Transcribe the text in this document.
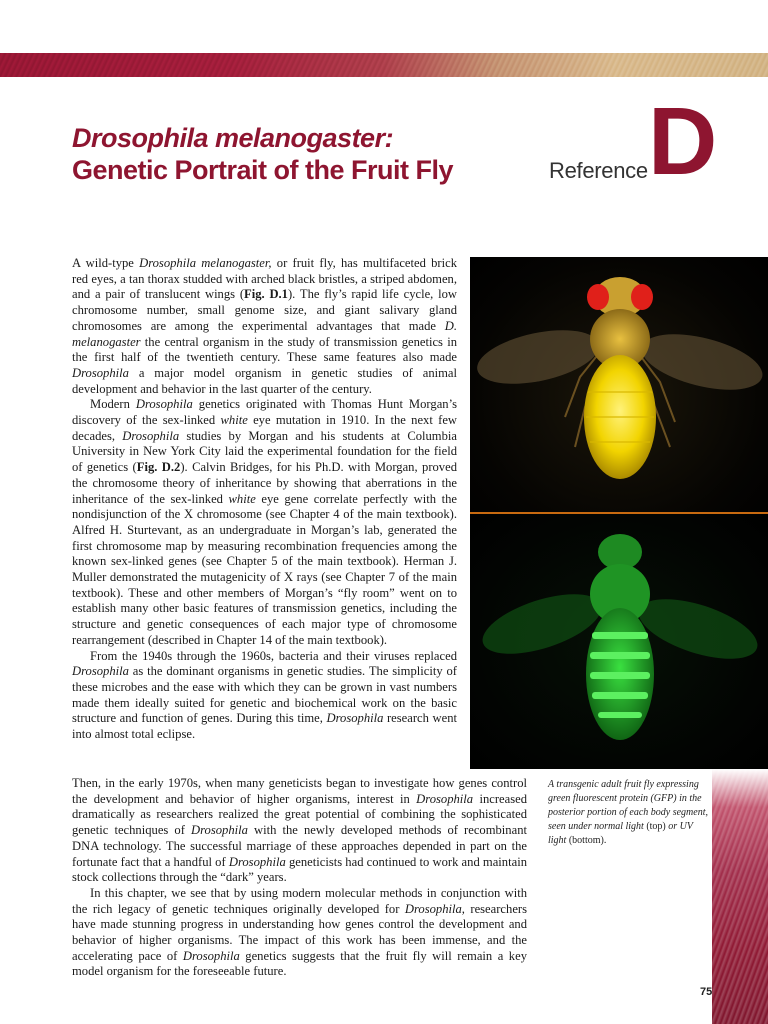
Drosophila melanogaster:
Genetic Portrait of the Fruit Fly	Reference D

A wild-type Drosophila melanogaster, or fruit fly, has multifaceted brick red eyes, a tan thorax studded with arched black bristles, a striped abdomen, and a pair of translucent wings (Fig. D.1). The fly’s rapid life cycle, low chromosome number, small genome size, and giant salivary gland chromosomes are among the experimental advantages that made D. melanogaster the central organism in the study of transmission genetics in the first half of the twentieth century. These same features also made Drosophila a major model organism in genetic studies of animal development and behavior in the last quarter of the century.

Modern Drosophila genetics originated with Thomas Hunt Morgan’s discovery of the sex-linked white eye mutation in 1910. In the next few decades, Drosophila studies by Morgan and his students at Columbia University in New York City laid the experimental foundation for the field of genetics (Fig. D.2). Calvin Bridges, for his Ph.D. with Morgan, proved the chromosome theory of inheritance by showing that aberrations in the inheritance of the sex-linked white eye gene correlate perfectly with the nondisjunction of the X chromosome (see Chapter 4 of the main textbook). Alfred H. Sturtevant, as an undergraduate in Morgan’s lab, generated the first chromosome map by measuring recombination frequencies among the known sex-linked genes (see Chapter 5 of the main textbook). Herman J. Muller demonstrated the mutagenicity of X rays (see Chapter 7 of the main textbook). These and other members of Morgan’s “fly room” went on to establish many other basic features of transmission genetics, including the structure and genetic consequences of each major type of chromosome rearrangement (described in Chapter 14 of the main textbook).

From the 1940s through the 1960s, bacteria and their viruses replaced Drosophila as the dominant organisms in genetic studies. The simplicity of these microbes and the ease with which they can be grown in vast numbers made them ideally suited for genetic and biochemical work on the basic structure and function of genes. During this time, Drosophila research went into almost total eclipse.

Then, in the early 1970s, when many geneticists began to investigate how genes control the development and behavior of higher organisms, interest in Drosophila increased dramatically as researchers realized the great potential of combining the sophisticated genetic techniques of Drosophila with the newly developed methods of recombinant DNA technology. The successful marriage of these approaches depended in part on the fortunate fact that a handful of Drosophila geneticists had continued to work and maintain stock collections through the “dark” years.

In this chapter, we see that by using modern molecular methods in conjunction with the rich legacy of genetic techniques originally developed for Drosophila, researchers have made stunning progress in understanding how genes control the development and behavior of higher organisms. The impact of this work has been immense, and the accelerating pace of Drosophila genetics suggests that the fruit fly will remain a key model organism for the foreseeable future.

A transgenic adult fruit fly expressing green fluorescent protein (GFP) in the posterior portion of each body segment, seen under normal light (top) or UV light (bottom).
75
